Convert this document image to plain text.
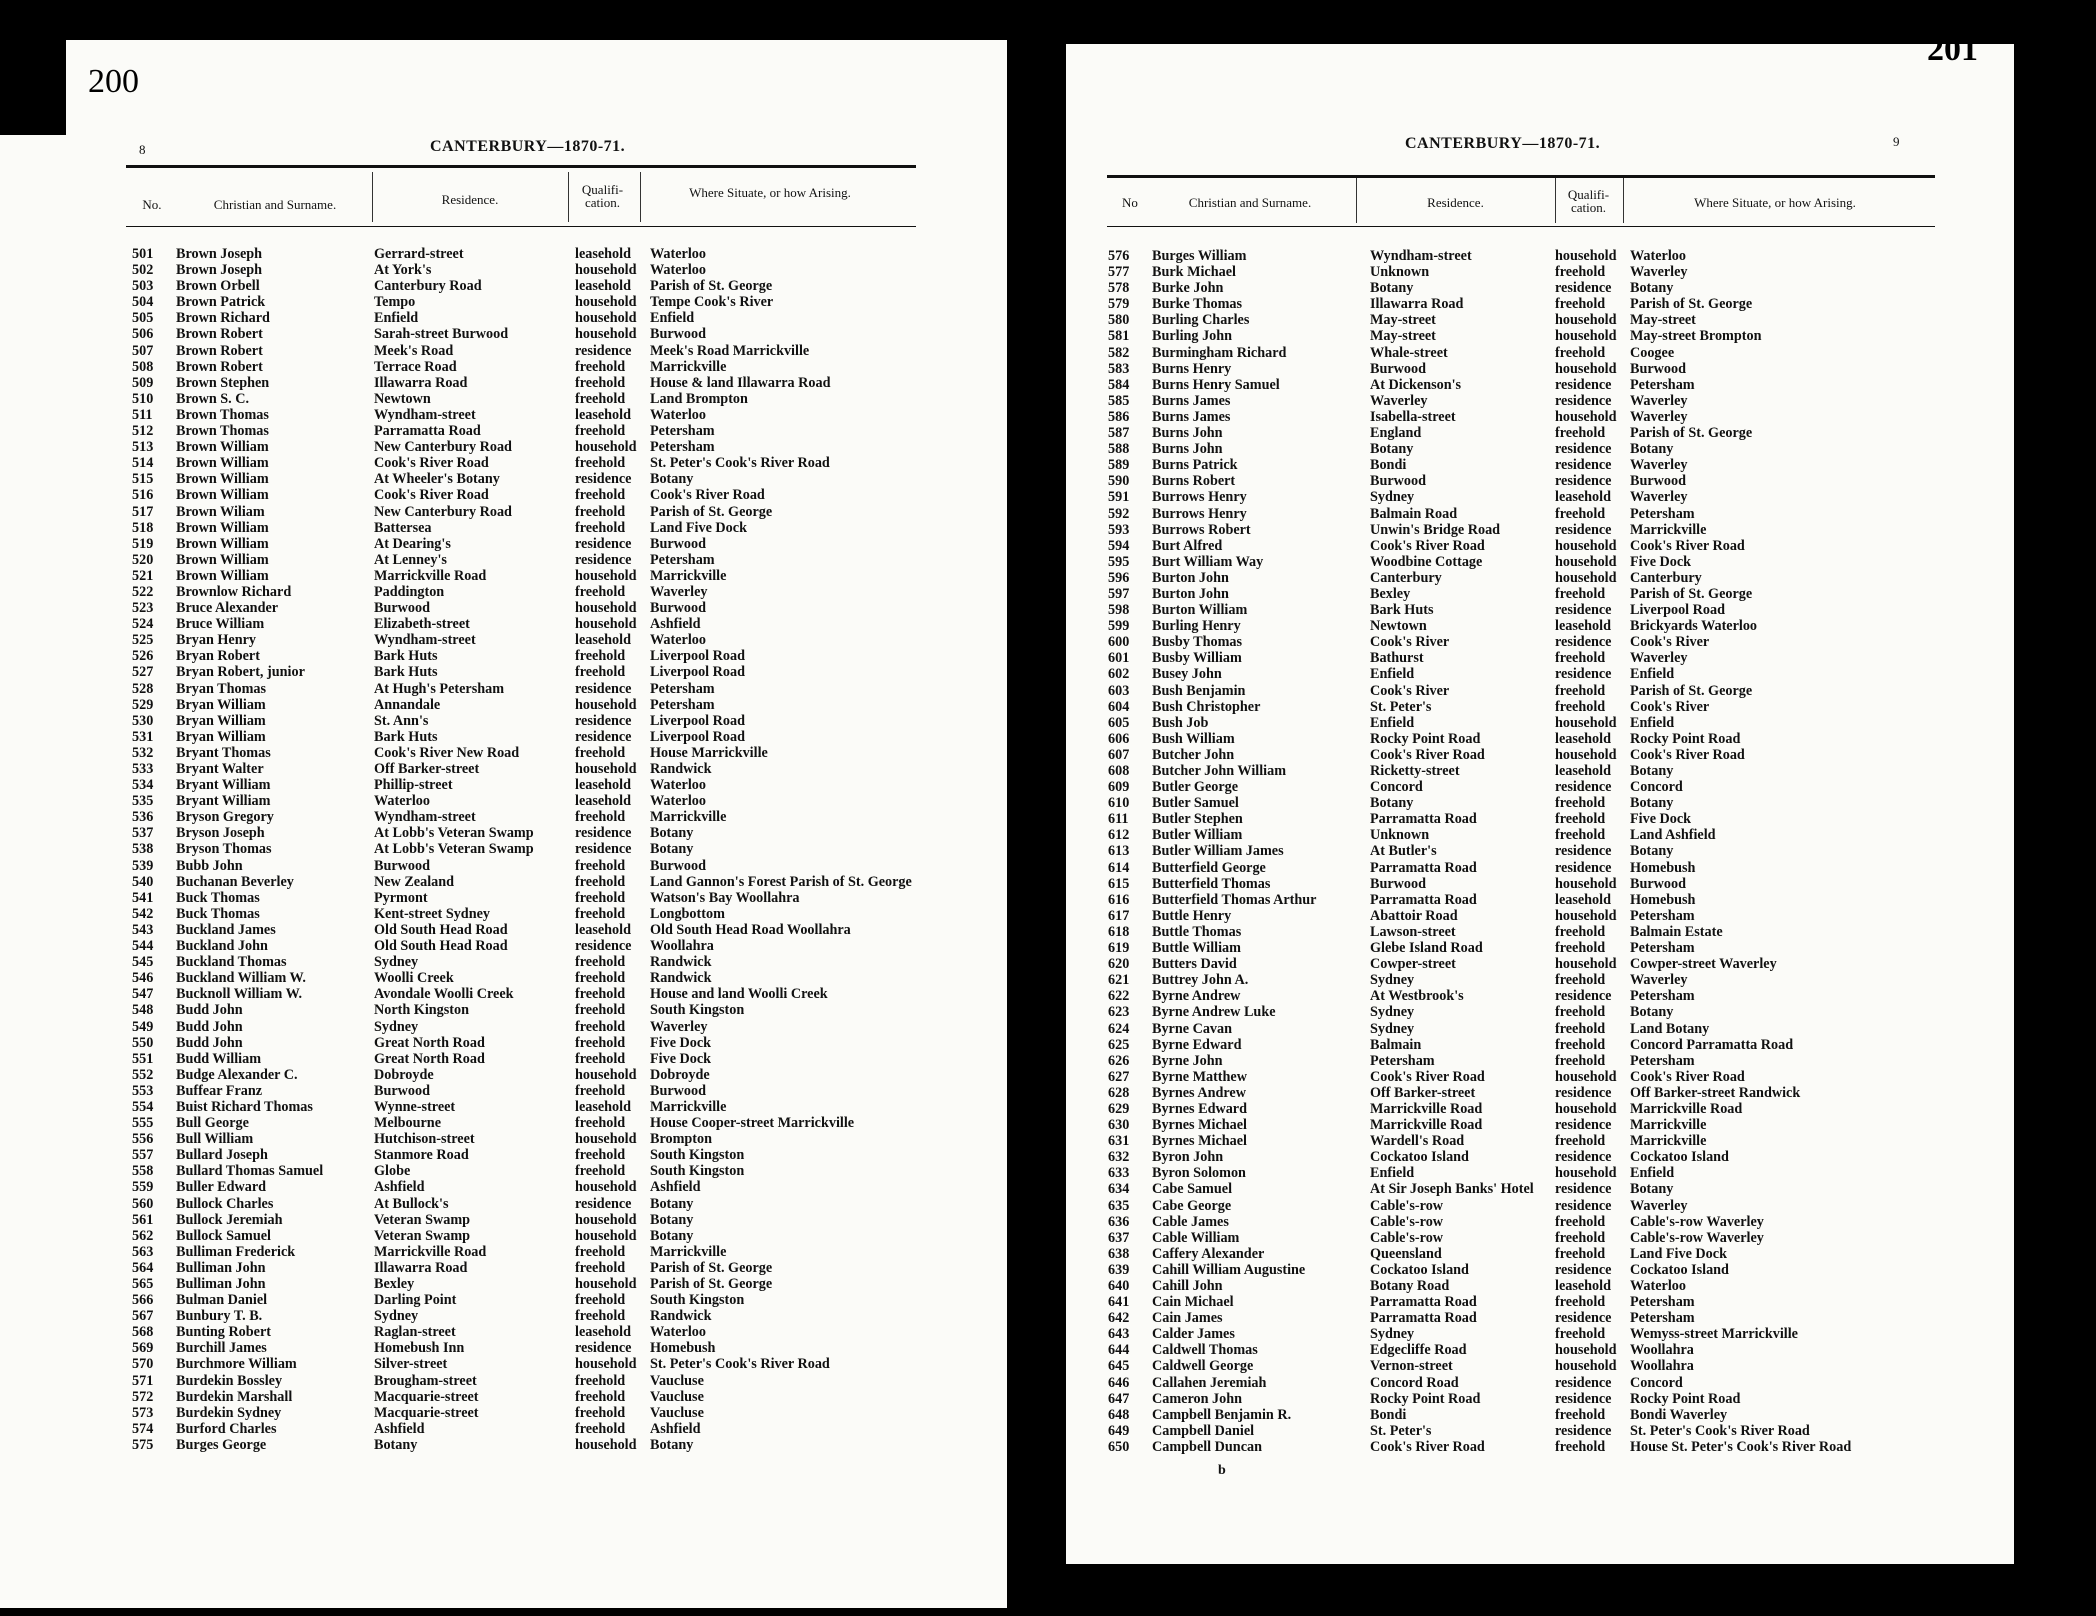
200
8	CANTERBURY—1870-71.
No.	Christian and Surname.	Residence.
Qualifi-
cation.
Where Situate, or how Arising.
501 Brown Joseph	Gerrard-street	leasehold Waterloo
502 Brown Joseph	At York's	household Waterloo
503 Brown Orbell	Canterbury Road	leasehold Parish of St. George
504 Brown Patrick	Tempo	household Tempe Cook's River
505 Brown Richard	Enfield	household Enfield
506 Brown Robert	Sarah-street Burwood	household Burwood
507 Brown Robert	Meek's Road	residence Meek's Road Marrickville
508 Brown Robert	Terrace Road	freehold Marrickville
509 Brown Stephen	Illawarra Road	freehold House & land Illawarra Road
510 Brown S. C.	Newtown	freehold Land Brompton
511 Brown Thomas	Wyndham-street	leasehold Waterloo
512 Brown Thomas	Parramatta Road	freehold Petersham
513 Brown William	New Canterbury Road	household Petersham
514 Brown William	Cook's River Road	freehold St. Peter's Cook's River Road
515 Brown William	At Wheeler's Botany	residence Botany
516 Brown William	Cook's River Road	freehold Cook's River Road
517 Brown Wiliam	New Canterbury Road	freehold Parish of St. George
518 Brown William	Battersea	freehold Land Five Dock
519 Brown William	At Dearing's	residence Burwood
520 Brown William	At Lenney's	residence Petersham
521 Brown William	Marrickville Road	household Marrickville
522 Brownlow Richard	Paddington	freehold Waverley
523 Bruce Alexander	Burwood	household Burwood
524 Bruce William	Elizabeth-street	household Ashfield
525 Bryan Henry	Wyndham-street	leasehold Waterloo
526 Bryan Robert	Bark Huts	freehold Liverpool Road
527 Bryan Robert, junior	Bark Huts	freehold Liverpool Road
528 Bryan Thomas	At Hugh's Petersham	residence Petersham
529 Bryan William	Annandale	household Petersham
530 Bryan William	St. Ann's	residence Liverpool Road
531 Bryan William	Bark Huts	residence Liverpool Road
532 Bryant Thomas	Cook's River New Road	freehold House Marrickville
533 Bryant Walter	Off Barker-street	household Randwick
534 Bryant William	Phillip-street	leasehold Waterloo
535 Bryant William	Waterloo	leasehold Waterloo
536 Bryson Gregory	Wyndham-street	freehold Marrickville
537 Bryson Joseph	At Lobb's Veteran Swamp	residence Botany
538 Bryson Thomas	At Lobb's Veteran Swamp	residence Botany
539 Bubb John	Burwood	freehold Burwood
540 Buchanan Beverley	New Zealand	freehold Land Gannon's Forest Parish of St. George
541 Buck Thomas	Pyrmont	freehold Watson's Bay Woollahra
542 Buck Thomas	Kent-street Sydney	freehold Longbottom
543 Buckland James	Old South Head Road	leasehold Old South Head Road Woollahra
544 Buckland John	Old South Head Road	residence Woollahra
545 Buckland Thomas	Sydney	freehold Randwick
546 Buckland William W.	Woolli Creek	freehold Randwick
547 Bucknoll William W.	Avondale Woolli Creek	freehold House and land Woolli Creek
548 Budd John	North Kingston	freehold South Kingston
549 Budd John	Sydney	freehold Waverley
550 Budd John	Great North Road	freehold Five Dock
551 Budd William	Great North Road	freehold Five Dock
552 Budge Alexander C.	Dobroyde	household Dobroyde
553 Buffear Franz	Burwood	freehold Burwood
554 Buist Richard Thomas	Wynne-street	leasehold Marrickville
555 Bull George	Melbourne	freehold House Cooper-street Marrickville
556 Bull William	Hutchison-street	household Brompton
557 Bullard Joseph	Stanmore Road	freehold South Kingston
558 Bullard Thomas Samuel	Globe	freehold South Kingston
559 Buller Edward	Ashfield	household Ashfield
560 Bullock Charles	At Bullock's	residence Botany
561 Bullock Jeremiah	Veteran Swamp	household Botany
562 Bullock Samuel	Veteran Swamp	household Botany
563 Bulliman Frederick	Marrickville Road	freehold Marrickville
564 Bulliman John	Illawarra Road	freehold Parish of St. George
565 Bulliman John	Bexley	household Parish of St. George
566 Bulman Daniel	Darling Point	freehold South Kingston
567 Bunbury T. B.	Sydney	freehold Randwick
568 Bunting Robert	Raglan-street	leasehold Waterloo
569 Burchill James	Homebush Inn	residence Homebush
570 Burchmore William	Silver-street	household St. Peter's Cook's River Road
571 Burdekin Bossley	Brougham-street	freehold Vaucluse
572 Burdekin Marshall	Macquarie-street	freehold Vaucluse
573 Burdekin Sydney	Macquarie-street	freehold Vaucluse
574 Burford Charles	Ashfield	freehold Ashfield
575 Burges George	Botany	household Botany
201
9
CANTERBURY—1870-71.
No	Christian and Surname.	Residence.
Qualifi-
cation.	Where Situate, or how Arising.
576 Burges William	Wyndham-street	household Waterloo
577 Burk Michael	Unknown	freehold Waverley
578 Burke John	Botany	residence Botany
579 Burke Thomas	Illawarra Road	freehold Parish of St. George
580 Burling Charles	May-street	household May-street
581 Burling John	May-street	household May-street Brompton
582 Burmingham Richard	Whale-street	freehold Coogee
583 Burns Henry	Burwood	household Burwood
584 Burns Henry Samuel	At Dickenson's	residence Petersham
585 Burns James	Waverley	residence Waverley
586 Burns James	Isabella-street	household Waverley
587 Burns John	England	freehold Parish of St. George
588 Burns John	Botany	residence Botany
589 Burns Patrick	Bondi	residence Waverley
590 Burns Robert	Burwood	residence Burwood
591 Burrows Henry	Sydney	leasehold Waverley
592 Burrows Henry	Balmain Road	freehold Petersham
593 Burrows Robert	Unwin's Bridge Road	residence Marrickville
594 Burt Alfred	Cook's River Road	household Cook's River Road
595 Burt William Way	Woodbine Cottage	household Five Dock
596 Burton John	Canterbury	household Canterbury
597 Burton John	Bexley	freehold Parish of St. George
598 Burton William	Bark Huts	residence Liverpool Road
599 Burling Henry	Newtown	leasehold Brickyards Waterloo
600 Busby Thomas	Cook's River	residence Cook's River
601 Busby William	Bathurst	freehold Waverley
602 Busey John	Enfield	residence Enfield
603 Bush Benjamin	Cook's River	freehold Parish of St. George
604 Bush Christopher	St. Peter's	freehold Cook's River
605 Bush Job	Enfield	household Enfield
606 Bush William	Rocky Point Road	leasehold Rocky Point Road
607 Butcher John	Cook's River Road	household Cook's River Road
608 Butcher John William	Ricketty-street	leasehold Botany
609 Butler George	Concord	residence Concord
610 Butler Samuel	Botany	freehold Botany
611 Butler Stephen	Parramatta Road	freehold Five Dock
612 Butler William	Unknown	freehold Land Ashfield
613 Butler William James	At Butler's	residence Botany
614 Butterfield George	Parramatta Road	residence Homebush
615 Butterfield Thomas	Burwood	household Burwood
616 Butterfield Thomas Arthur	Parramatta Road	leasehold Homebush
617 Buttle Henry	Abattoir Road	household Petersham
618 Buttle Thomas	Lawson-street	freehold Balmain Estate
619 Buttle William	Glebe Island Road	freehold Petersham
620 Butters David	Cowper-street	household Cowper-street Waverley
621 Buttrey John A.	Sydney	freehold Waverley
622 Byrne Andrew	At Westbrook's	residence Petersham
623 Byrne Andrew Luke	Sydney	freehold Botany
624 Byrne Cavan	Sydney	freehold Land Botany
625 Byrne Edward	Balmain	freehold Concord Parramatta Road
626 Byrne John	Petersham	freehold Petersham
627 Byrne Matthew	Cook's River Road	household Cook's River Road
628 Byrnes Andrew	Off Barker-street	residence Off Barker-street Randwick
629 Byrnes Edward	Marrickville Road	household Marrickville Road
630 Byrnes Michael	Marrickville Road	residence Marrickville
631 Byrnes Michael	Wardell's Road	freehold Marrickville
632 Byron John	Cockatoo Island	residence Cockatoo Island
633 Byron Solomon	Enfield	household Enfield
634 Cabe Samuel	At Sir Joseph Banks' Hotel residence Botany
635 Cabe George	Cable's-row	residence Waverley
636 Cable James	Cable's-row	freehold Cable's-row Waverley
637 Cable William	Cable's-row	freehold Cable's-row Waverley
638 Caffery Alexander	Queensland	freehold Land Five Dock
639 Cahill William Augustine	Cockatoo Island	residence Cockatoo Island
640 Cahill John	Botany Road	leasehold Waterloo
641 Cain Michael	Parramatta Road	freehold Petersham
642 Cain James	Parramatta Road	residence Petersham
643 Calder James	Sydney	freehold Wemyss-street Marrickville
644 Caldwell Thomas	Edgecliffe Road	household Woollahra
645 Caldwell George	Vernon-street	household Woollahra
646 Callahen Jeremiah	Concord Road	residence Concord
647 Cameron John	Rocky Point Road	residence Rocky Point Road
648 Campbell Benjamin R.	Bondi	freehold Bondi Waverley
649 Campbell Daniel	St. Peter's	residence St. Peter's Cook's River Road
650 Campbell Duncan	Cook's River Road	freehold House St. Peter's Cook's River Road
b
